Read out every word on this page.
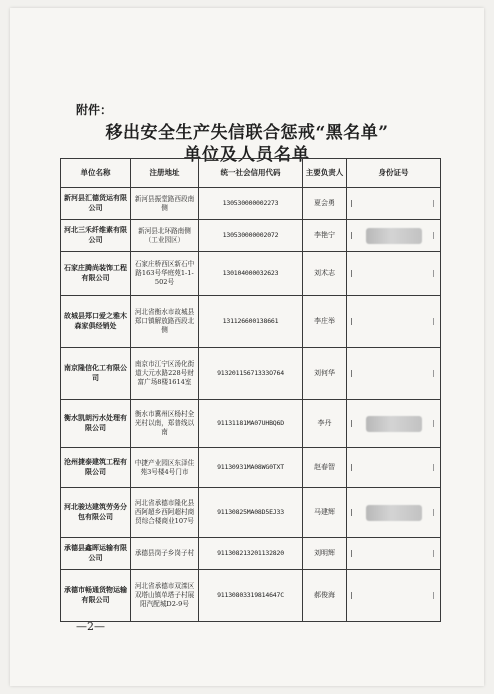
附件：
移出安全生产失信联合惩戒“黑名单”
单位及人员名单
—2—
单位名称	注册地址	统一社会信用代码	主要负责人	身份证号
新河县汇德货运有限公司	新河县振堂路西段南侧	130530000002273	夏会勇	

河北三禾纤维素有限公司	新河县北环路南侧（工业园区）	130530000002072	李艳宁	

石家庄腾尚装饰工程有限公司	石家庄桥西区新石中路163号华庭苑1-1-502号	130104000032623	刘术志	

故城县郑口爱之雅木森家俱经销处	河北省衡水市故城县郑口镇解放路西段北侧	131126600138661	李庄举	

南京隆信化工有限公司	南京市江宁区汤化街道大元水路228号财富广场8楼1614室	91320115671333O764	刘何华	

衡水凯朗污水处理有限公司	衡水市冀州区杨村全光村以南，郑普线以南	91131181MA07UHBQ6D	李丹	

沧州捷泰建筑工程有限公司	中捷产业园区东泽住苑3号楼4号门市	91130931MA08WG0TXT	赵春智	

河北骏达建筑劳务分包有限公司	河北省承德市隆化县西阿超乡西阿超村商贸综合楼商业107号	91130825MA08D5EJ33	马建辉	

承德县鑫晖运输有限公司	承德县岗子乡岗子村	911308213201132820	刘明辉	

承德市畅通货物运输有限公司	河北省承德市双滦区双塔山镇单塔子村展阳汽配城D2-9号	91130803319814647C	郝俊海	
